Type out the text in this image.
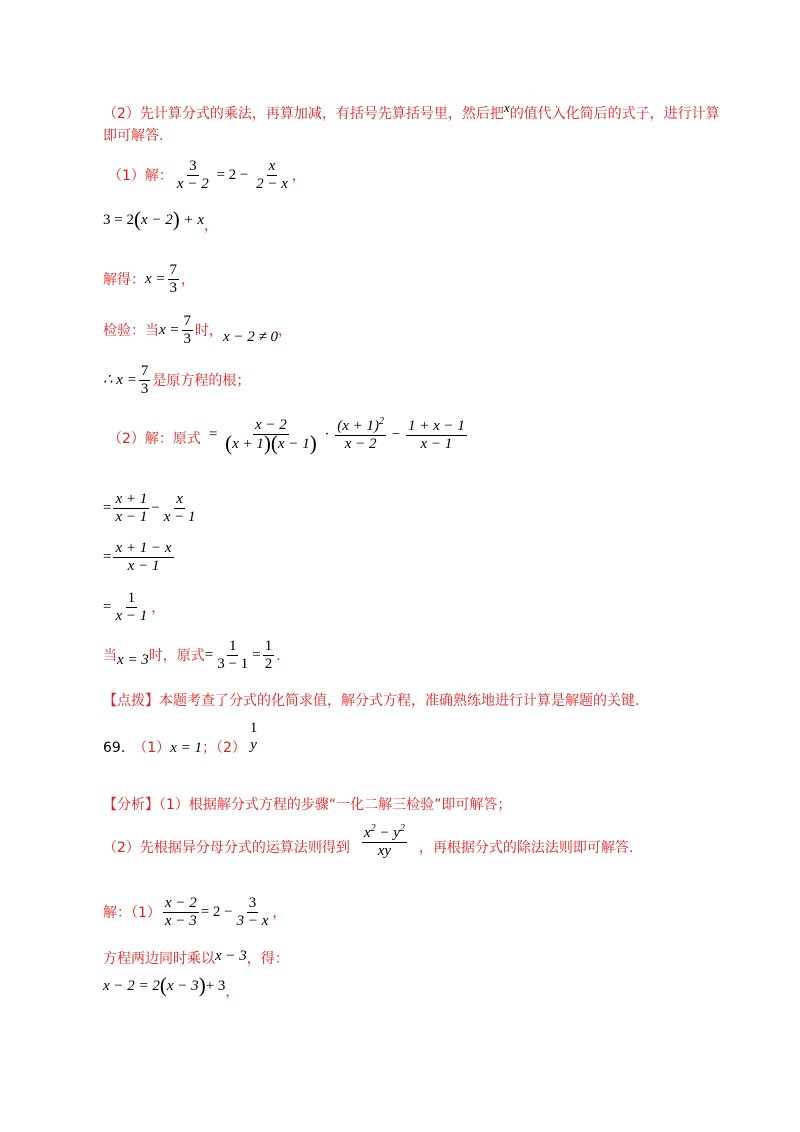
（2）先计算分式的乘法，再算加减，有括号先算括号里，然后把x的值代入化简后的式子，进行计算
即可解答.
（1）解： $\frac{3}{x - 2} = 2 - \frac{x}{2 - x}$ ，
3 = 2(x − 2) + x，
解得： $x = \frac{7}{3}$ ，
检验：当 $x = \frac{7}{3}$ 时， x − 2 ≠ 0 ，
∴ $x = \frac{7}{3}$ 是原方程的根；
（2）解：原式 = $\frac{x - 2}{(x + 1)(x - 1)} \cdot \frac{(x + 1)^2}{x - 2} - \frac{1 + x - 1}{x - 1}$
= $\frac{x + 1}{x - 1} - \frac{x}{x - 1}$
= $\frac{x + 1 - x}{x - 1}$
= $\frac{1}{x - 1}$ ，
当 x = 3 时，原式 = $\frac{1}{3 - 1} = \frac{1}{2}$ .
【点拨】本题考查了分式的化简求值，解分式方程，准确熟练地进行计算是解题的关键.
69. （1） x = 1 ；（2）
1
y
【分析】（1）根据解分式方程的步骤“一化二解三检验”即可解答；
（2）先根据异分母分式的运算法则得到 $\frac{x^2 - y^2}{xy}$ ，再根据分式的除法法则即可解答.
解：$(1) \frac{x - 2}{x - 3} = 2 - \frac{3}{3 - x}$ ，
方程两边同时乘以x − 3，得：
x − 2 = 2(x − 3)+ 3，
